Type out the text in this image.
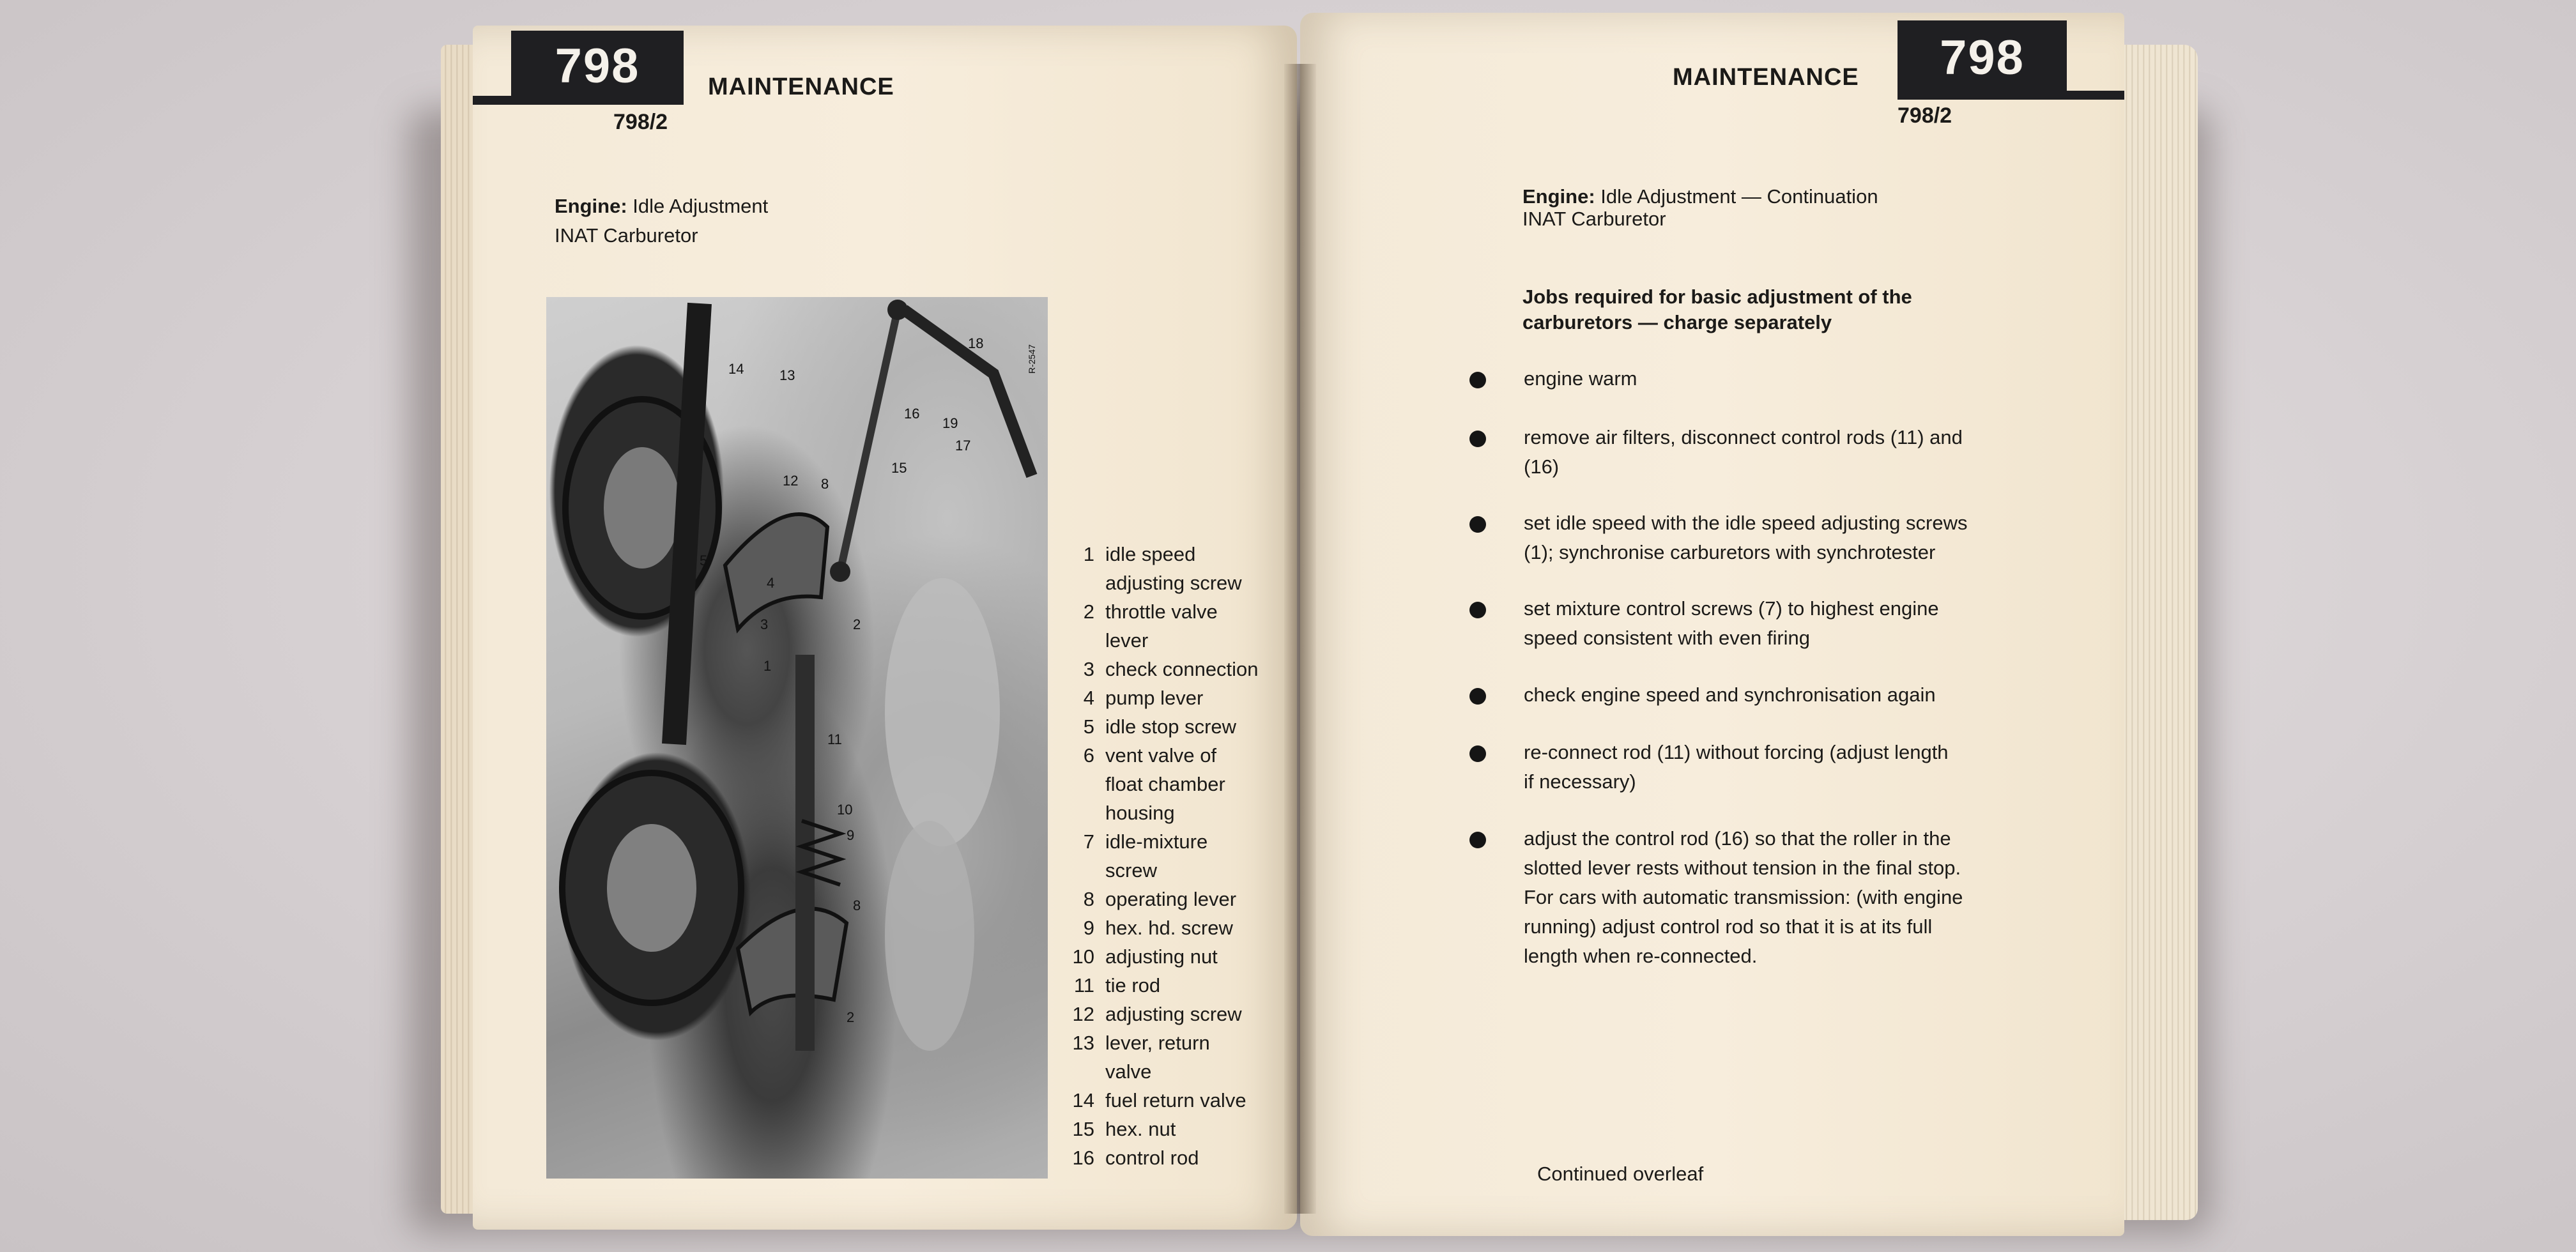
798	MAINTENANCE
798/2
Engine: Idle Adjustment
INAT Carburetor
14	13
12 8
2
3
4
5
1
11
10
9
8
2
15
16
17
19
18
R-2547
1 idle speed
adjusting screw
2 throttle valve
lever
3 check connection
4 pump lever
5 idle stop screw
6 vent valve of
float chamber
housing
7 idle-mixture
screw
8 operating lever
9 hex. hd. screw
10 adjusting nut
11 tie rod
12 adjusting screw
13 lever, return
valve
14 fuel return valve
15 hex. nut
16 control rod
798
MAINTENANCE
798/2
Engine: Idle Adjustment — Continuation
INAT Carburetor
Jobs required for basic adjustment of the
carburetors — charge separately
engine warm
remove air filters, disconnect control rods (11) and
(16)
set idle speed with the idle speed adjusting screws
(1); synchronise carburetors with synchrotester
set mixture control screws (7) to highest engine
speed consistent with even firing
check engine speed and synchronisation again
re-connect rod (11) without forcing (adjust length
if necessary)
adjust the control rod (16) so that the roller in the
slotted lever rests without tension in the final stop.
For cars with automatic transmission: (with engine
running) adjust control rod so that it is at its full
length when re-connected.
Continued overleaf
